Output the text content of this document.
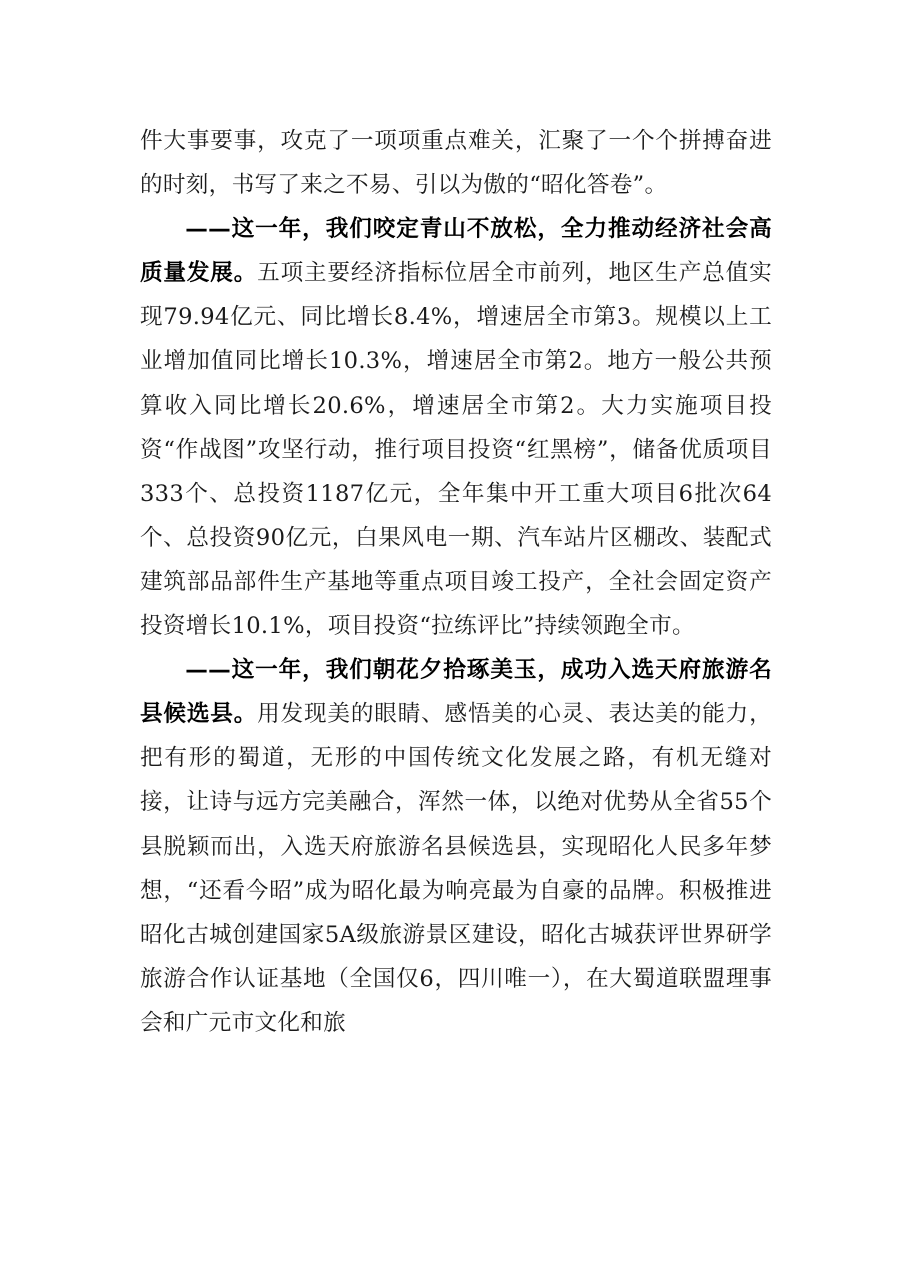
件大事要事，攻克了一项项重点难关，汇聚了一个个拼搏奋进的时刻，书写了来之不易、引以为傲的“昭化答卷”。

——这一年，我们咬定青山不放松，全力推动经济社会高质量发展。五项主要经济指标位居全市前列，地区生产总值实现79.94亿元、同比增长8.4%，增速居全市第3。规模以上工业增加值同比增长10.3%，增速居全市第2。地方一般公共预算收入同比增长20.6%，增速居全市第2。大力实施项目投资“作战图”攻坚行动，推行项目投资“红黑榜”，储备优质项目333个、总投资1187亿元，全年集中开工重大项目6批次64个、总投资90亿元，白果风电一期、汽车站片区棚改、装配式建筑部品部件生产基地等重点项目竣工投产，全社会固定资产投资增长10.1%，项目投资“拉练评比”持续领跑全市。

——这一年，我们朝花夕拾琢美玉，成功入选天府旅游名县候选县。用发现美的眼睛、感悟美的心灵、表达美的能力，把有形的蜀道，无形的中国传统文化发展之路，有机无缝对接，让诗与远方完美融合，浑然一体，以绝对优势从全省55个县脱颖而出，入选天府旅游名县候选县，实现昭化人民多年梦想，“还看今昭”成为昭化最为响亮最为自豪的品牌。积极推进昭化古城创建国家5A级旅游景区建设，昭化古城获评世界研学旅游合作认证基地（全国仅6，四川唯一），在大蜀道联盟理事会和广元市文化和旅
